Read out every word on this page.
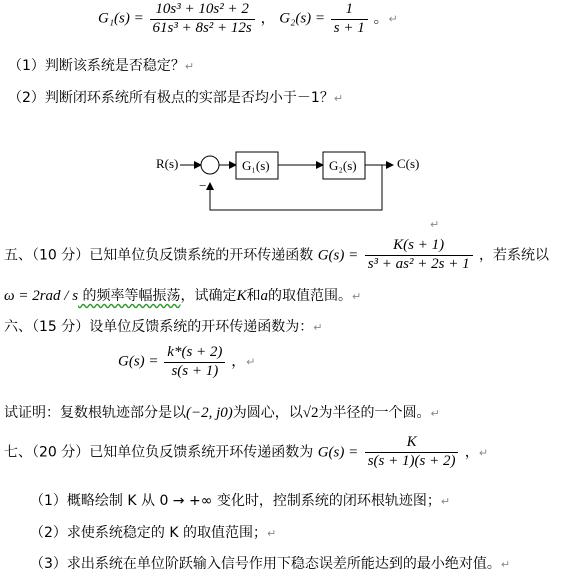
$G_1(s) = \frac{\text{10s³ + 10s² + 2}}{\text{61s³ + 8s² + 12s}}$ ， $G_2(s) = \frac{1}{s + 1}$ 。↵
（1）判断该系统是否稳定？↵
（2）判断闭环系统所有极点的实部是否均小于－1？↵
R(s)
−
G₁(s)	G₂(s)	C(s)
↵
五、（10 分）已知单位负反馈系统的开环传递函数 $G(s) = \frac{K(s + 1)}{\text{s³ + as² + 2s + 1}}$ ，若系统以
ω = 2rad / s 的频率等幅振荡，试确定K和a的取值范围。↵
六、（15 分）设单位反馈系统的开环传递函数为：↵
$G(s) = \frac{k*(s + 2)}{s(s + 1)}$ ，↵
试证明：复数根轨迹部分是以(−2, j0)为圆心，以√2为半径的一个圆。↵
七、（20 分）已知单位负反馈系统开环传递函数为 $G(s) = \frac{K}{s(s + 1)(s + 2)}$ ，↵
（1）概略绘制 K 从 0 → +∞ 变化时，控制系统的闭环根轨迹图；↵
（2）求使系统稳定的 K 的取值范围；↵
（3）求出系统在单位阶跃输入信号作用下稳态误差所能达到的最小绝对值。↵
